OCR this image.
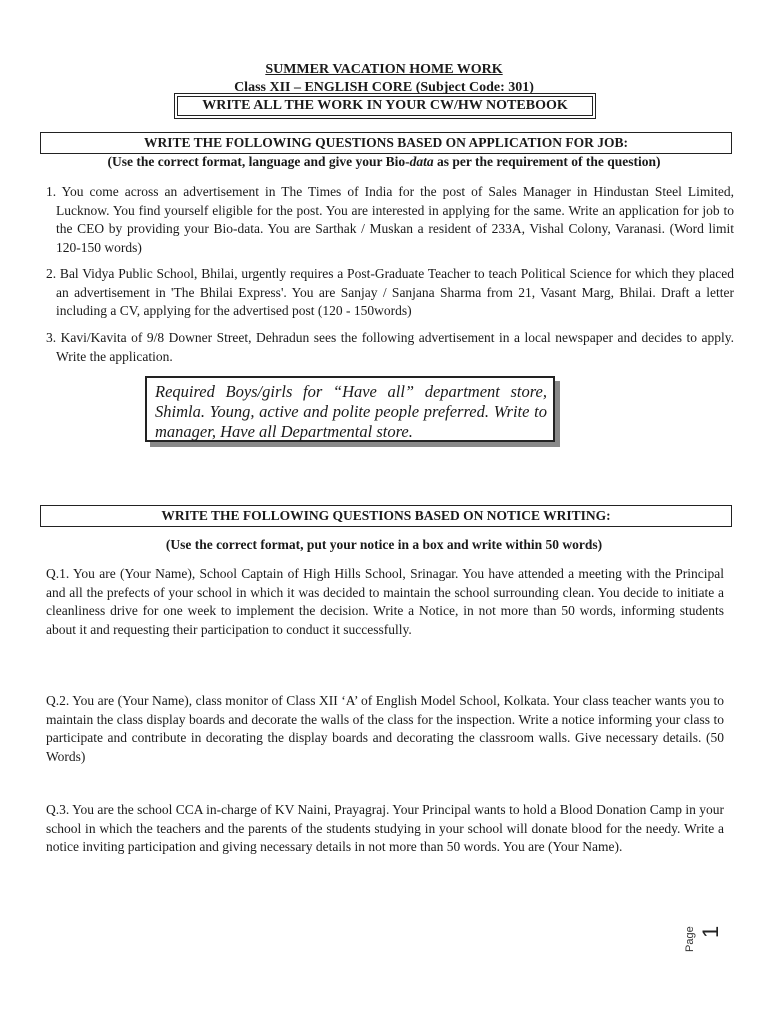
SUMMER VACATION HOME WORK
Class XII – ENGLISH CORE (Subject Code: 301)
WRITE ALL THE WORK IN YOUR CW/HW NOTEBOOK
WRITE THE FOLLOWING QUESTIONS BASED ON APPLICATION FOR JOB:
(Use the correct format, language and give your Bio-data as per the requirement of the question)
1. You come across an advertisement in The Times of India for the post of Sales Manager in Hindustan Steel Limited, Lucknow. You find yourself eligible for the post. You are interested in applying for the same. Write an application for job to the CEO by providing your Bio-data. You are Sarthak / Muskan a resident of 233A, Vishal Colony, Varanasi. (Word limit 120-150 words)
2. Bal Vidya Public School, Bhilai, urgently requires a Post-Graduate Teacher to teach Political Science for which they placed an advertisement in 'The Bhilai Express'. You are Sanjay / Sanjana Sharma from 21, Vasant Marg, Bhilai. Draft a letter including a CV, applying for the advertised post (120 - 150words)
3. Kavi/Kavita of 9/8 Downer Street, Dehradun sees the following advertisement in a local newspaper and decides to apply. Write the application.
Required Boys/girls for “Have all” department store, Shimla. Young, active and polite people preferred. Write to manager, Have all Departmental store.
WRITE THE FOLLOWING QUESTIONS BASED ON NOTICE WRITING:
(Use the correct format, put your notice in a box and write within 50 words)
Q.1. You are (Your Name), School Captain of High Hills School, Srinagar. You have attended a meeting with the Principal and all the prefects of your school in which it was decided to maintain the school surrounding clean. You decide to initiate a cleanliness drive for one week to implement the decision. Write a Notice, in not more than 50 words, informing students about it and requesting their participation to conduct it successfully.
Q.2. You are (Your Name), class monitor of Class XII ‘A’ of English Model School, Kolkata. Your class teacher wants you to maintain the class display boards and decorate the walls of the class for the inspection. Write a notice informing your class to participate and contribute in decorating the display boards and decorating the classroom walls. Give necessary details. (50 Words)
Q.3. You are the school CCA in-charge of KV Naini, Prayagraj. Your Principal wants to hold a Blood Donation Camp in your school in which the teachers and the parents of the students studying in your school will donate blood for the needy. Write a notice inviting participation and giving necessary details in not more than 50 words. You are (Your Name).
Page 1
